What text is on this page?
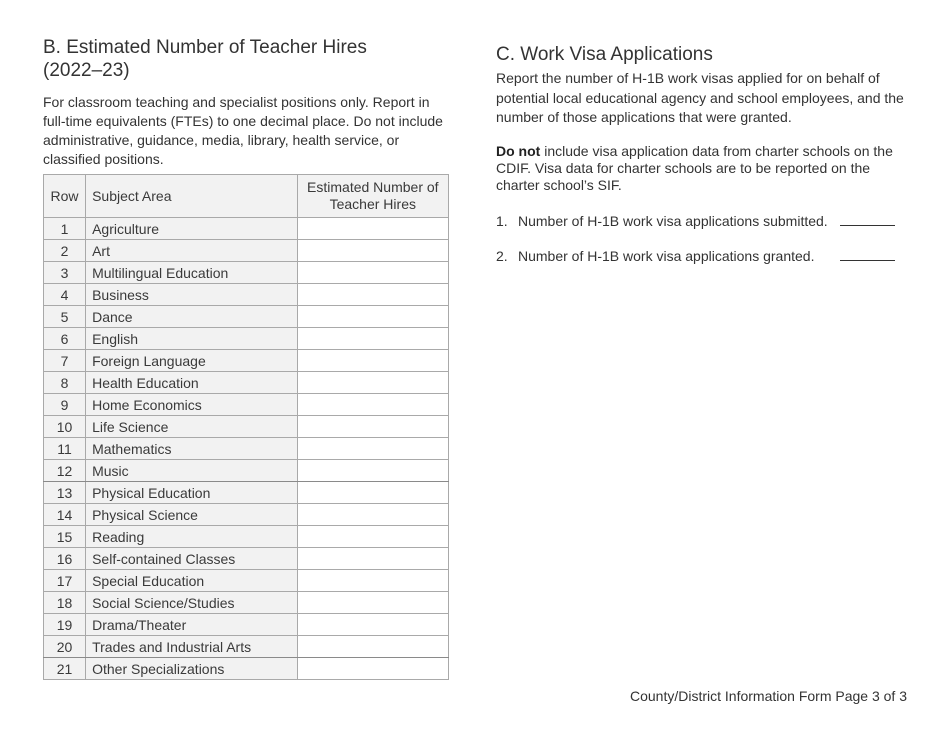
B. Estimated Number of Teacher Hires
(2022–23)
For classroom teaching and specialist positions only. Report in full-time equivalents (FTEs) to one decimal place. Do not include administrative, guidance, media, library, health service, or classified positions.
Row	Subject Area	Estimated Number of Teacher Hires
1	Agriculture	
2	Art	
3	Multilingual Education	
4	Business	
5	Dance	
6	English	
7	Foreign Language	
8	Health Education	
9	Home Economics	
10	Life Science	
11	Mathematics	
12	Music	
13	Physical Education	
14	Physical Science	
15	Reading	
16	Self-contained Classes	
17	Special Education	
18	Social Science/Studies	
19	Drama/Theater	
20	Trades and Industrial Arts	
21	Other Specializations	
C. Work Visa Applications
Report the number of H-1B work visas applied for on behalf of potential local educational agency and school employees, and the number of those applications that were granted.
Do not include visa application data from charter schools on the CDIF. Visa data for charter schools are to be reported on the charter school’s SIF.
1. Number of H-1B work visa applications submitted.
2. Number of H-1B work visa applications granted.
County/District Information Form Page 3 of 3
